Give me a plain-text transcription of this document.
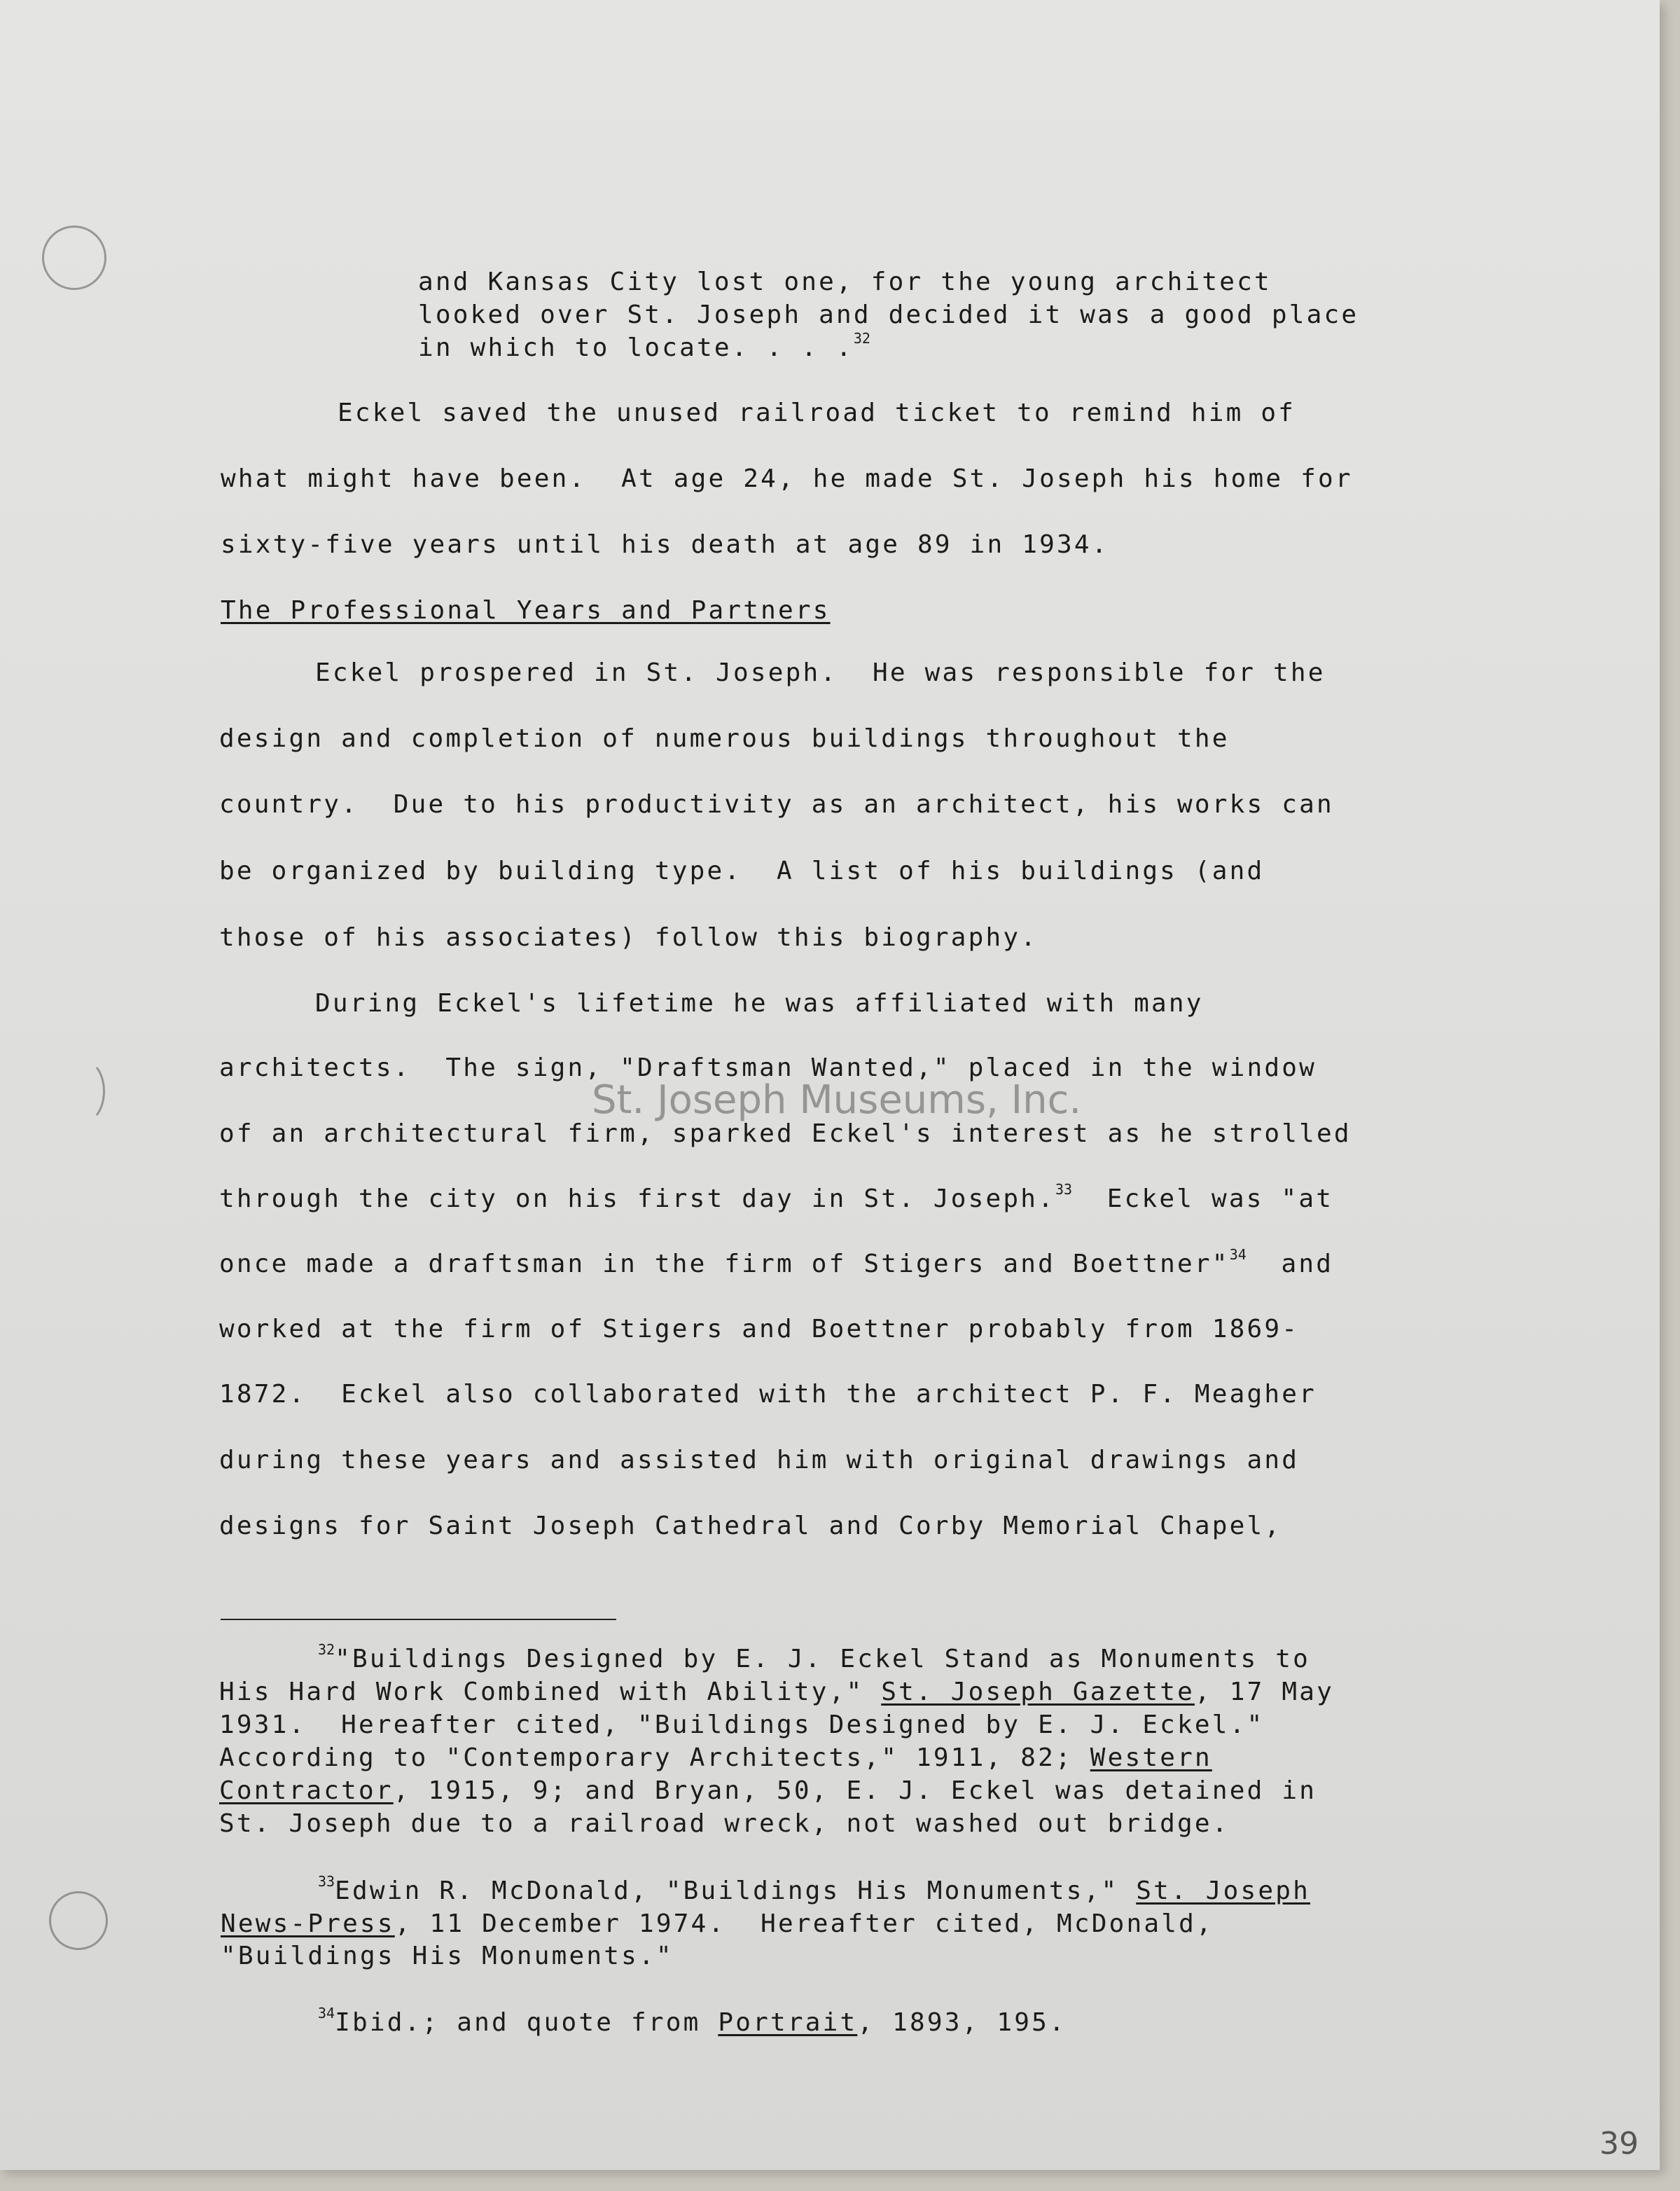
and Kansas City lost one, for the young architect
looked over St. Joseph and decided it was a good place
in which to locate. . . .$^{32}$
Eckel saved the unused railroad ticket to remind him of
what might have been.  At age 24, he made St. Joseph his home for
sixty-five years until his death at age 89 in 1934.
The Professional Years and Partners
Eckel prospered in St. Joseph.  He was responsible for the
design and completion of numerous buildings throughout the
country.  Due to his productivity as an architect, his works can
be organized by building type.  A list of his buildings (and
those of his associates) follow this biography.
During Eckel's lifetime he was affiliated with many
architects.  The sign, "Draftsman Wanted," placed in the window
of an architectural firm, sparked Eckel's interest as he strolled
through the city on his first day in St. Joseph.$^{33}$  Eckel was "at
once made a draftsman in the firm of Stigers and Boettner"$^{34}$  and
worked at the firm of Stigers and Boettner probably from 1869-
1872.  Eckel also collaborated with the architect P. F. Meagher
during these years and assisted him with original drawings and
designs for Saint Joseph Cathedral and Corby Memorial Chapel,
St. Joseph Museums, Inc.
$^{32}$"Buildings Designed by E. J. Eckel Stand as Monuments to
His Hard Work Combined with Ability," St. Joseph Gazette, 17 May
1931.  Hereafter cited, "Buildings Designed by E. J. Eckel."
According to "Contemporary Architects," 1911, 82; Western
Contractor, 1915, 9; and Bryan, 50, E. J. Eckel was detained in
St. Joseph due to a railroad wreck, not washed out bridge.
$^{33}$Edwin R. McDonald, "Buildings His Monuments," St. Joseph
News-Press, 11 December 1974.  Hereafter cited, McDonald,
"Buildings His Monuments."
$^{34}$Ibid.; and quote from Portrait, 1893, 195.
39
